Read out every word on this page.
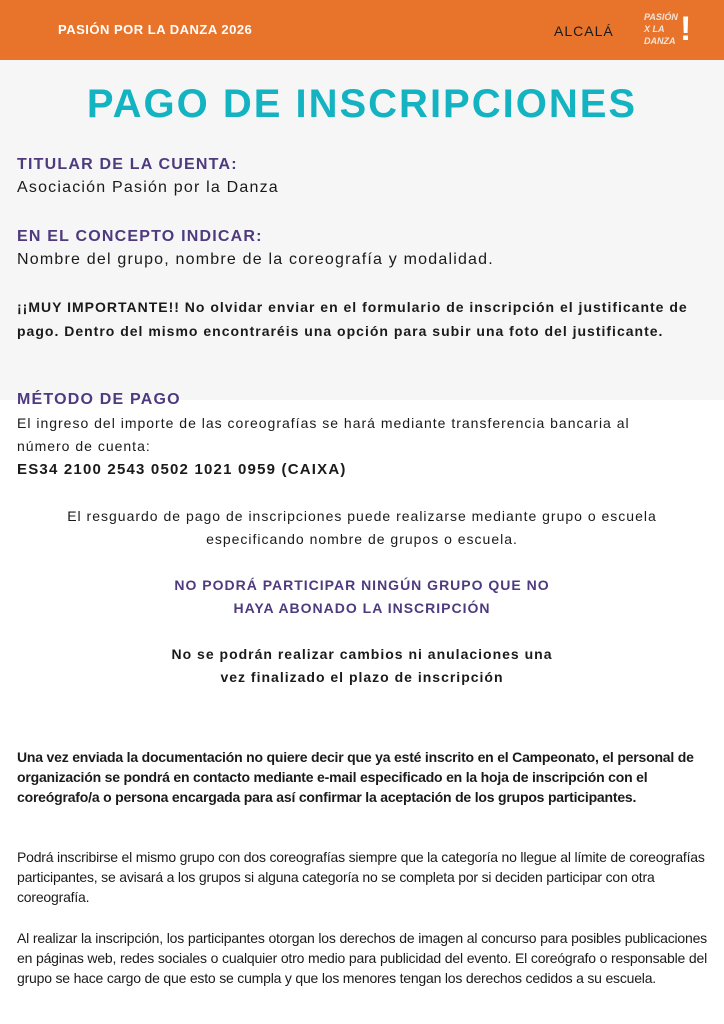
PASIÓN POR LA DANZA 2026	ALCALÁ
PASIÓN
X LA
DANZA !
PAGO DE INSCRIPCIONES
TITULAR DE LA CUENTA:
Asociación Pasión por la Danza
EN EL CONCEPTO INDICAR:
Nombre del grupo, nombre de la coreografía y modalidad.
¡¡MUY IMPORTANTE!! No olvidar enviar en el formulario de inscripción el justificante de pago. Dentro del mismo encontraréis una opción para subir una foto del justificante.
MÉTODO DE PAGO
El ingreso del importe de las coreografías se hará mediante transferencia bancaria al número de cuenta:
ES34 2100 2543 0502 1021 0959 (CAIXA)
El resguardo de pago de inscripciones puede realizarse mediante grupo o escuela especificando nombre de grupos o escuela.
NO PODRÁ PARTICIPAR NINGÚN GRUPO QUE NO
HAYA ABONADO LA INSCRIPCIÓN
No se podrán realizar cambios ni anulaciones una
vez finalizado el plazo de inscripción
Una vez enviada la documentación no quiere decir que ya esté inscrito en el Campeonato, el personal de organización se pondrá en contacto mediante e-mail especificado en la hoja de inscripción con el coreógrafo/a o persona encargada para así confirmar la aceptación de los grupos participantes.
Podrá inscribirse el mismo grupo con dos coreografías siempre que la categoría no llegue al límite de coreografías participantes, se avisará a los grupos si alguna categoría no se completa por si deciden participar con otra coreografía.
Al realizar la inscripción, los participantes otorgan los derechos de imagen al concurso para posibles publicaciones en páginas web, redes sociales o cualquier otro medio para publicidad del evento. El coreógrafo o responsable del grupo se hace cargo de que esto se cumpla y que los menores tengan los derechos cedidos a su escuela.
